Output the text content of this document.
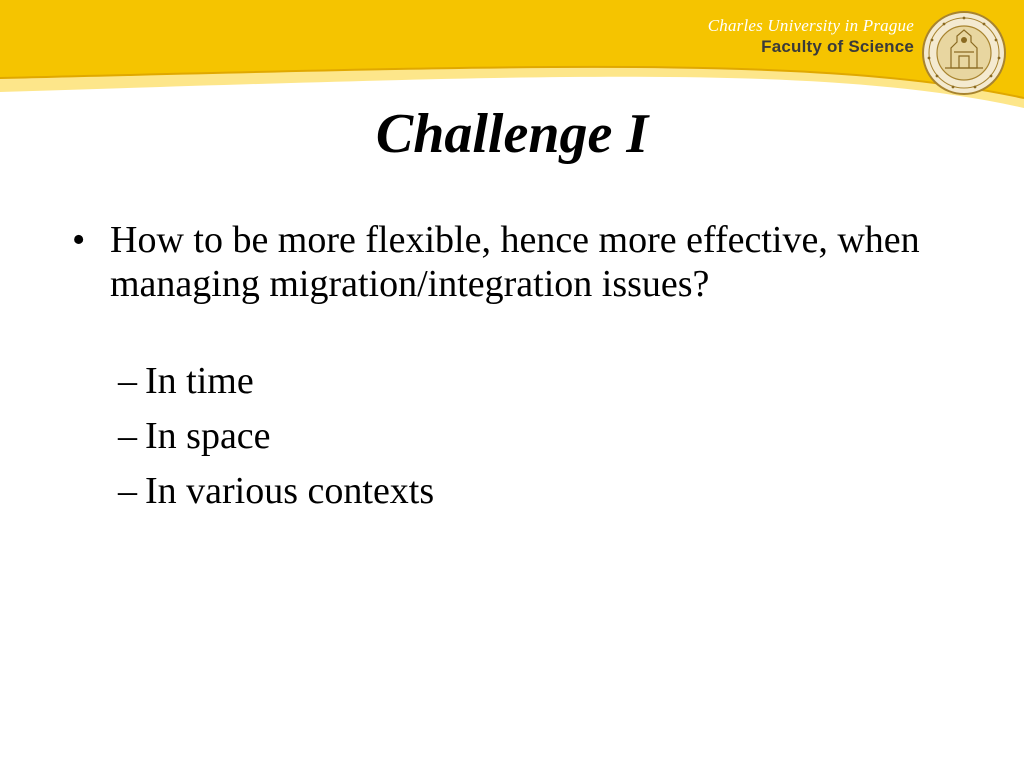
Charles University in Prague
Faculty of Science
Challenge I
• How to be more flexible, hence more effective, when managing migration/integration issues?
– In time
– In space
– In various contexts
